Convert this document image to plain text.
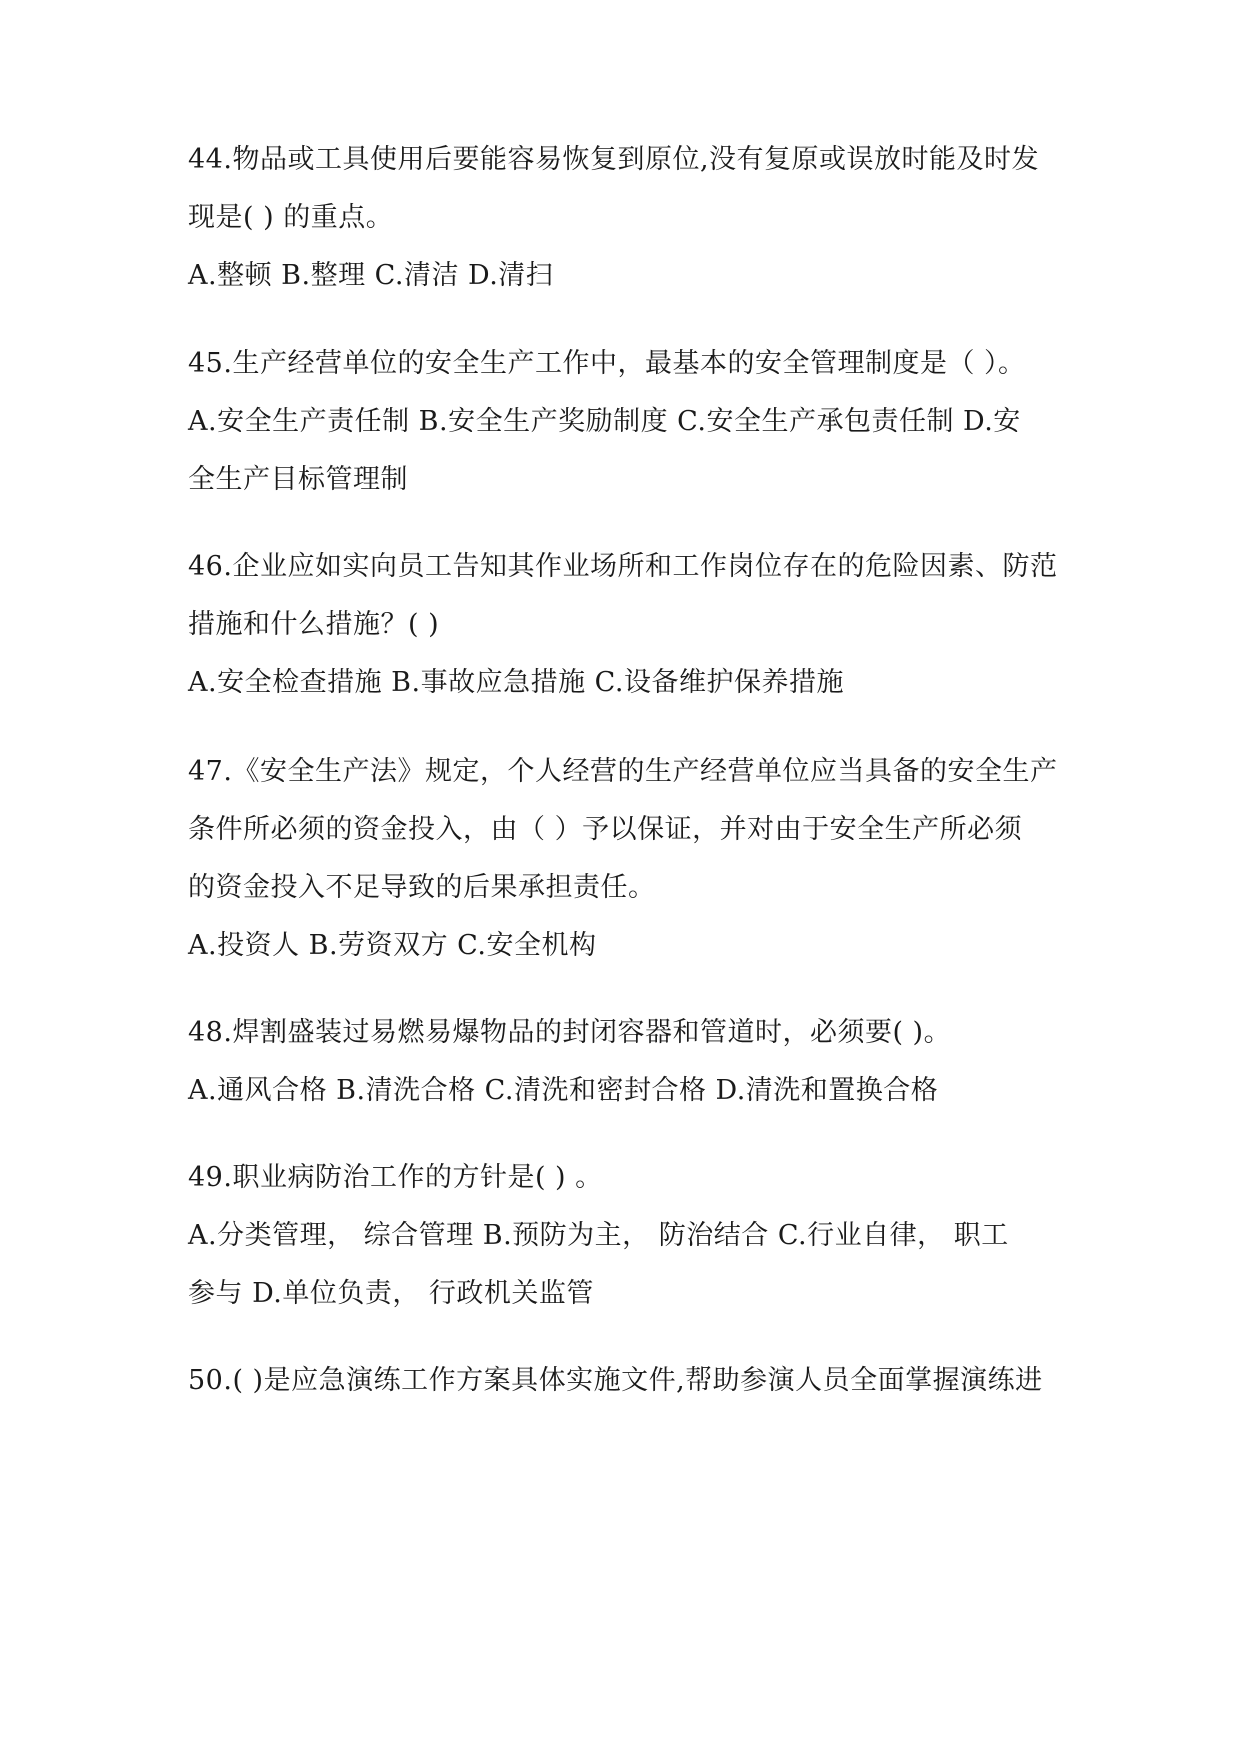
44.物品或工具使用后要能容易恢复到原位,没有复原或误放时能及时发
现是( ) 的重点。
A.整顿 B.整理 C.清洁 D.清扫
45.生产经营单位的安全生产工作中，最基本的安全管理制度是（ ）。
A.安全生产责任制 B.安全生产奖励制度 C.安全生产承包责任制 D.安
全生产目标管理制
46.企业应如实向员工告知其作业场所和工作岗位存在的危险因素、防范
措施和什么措施？( )
A.安全检查措施 B.事故应急措施 C.设备维护保养措施
47.《安全生产法》规定，个人经营的生产经营单位应当具备的安全生产
条件所必须的资金投入，由（ ）予以保证，并对由于安全生产所必须
的资金投入不足导致的后果承担责任。
A.投资人 B.劳资双方 C.安全机构
48.焊割盛装过易燃易爆物品的封闭容器和管道时，必须要( )。
A.通风合格 B.清洗合格 C.清洗和密封合格 D.清洗和置换合格
49.职业病防治工作的方针是( ) 。
A.分类管理， 综合管理 B.预防为主， 防治结合 C.行业自律， 职工
参与 D.单位负责， 行政机关监管
50.( )是应急演练工作方案具体实施文件,帮助参演人员全面掌握演练进
